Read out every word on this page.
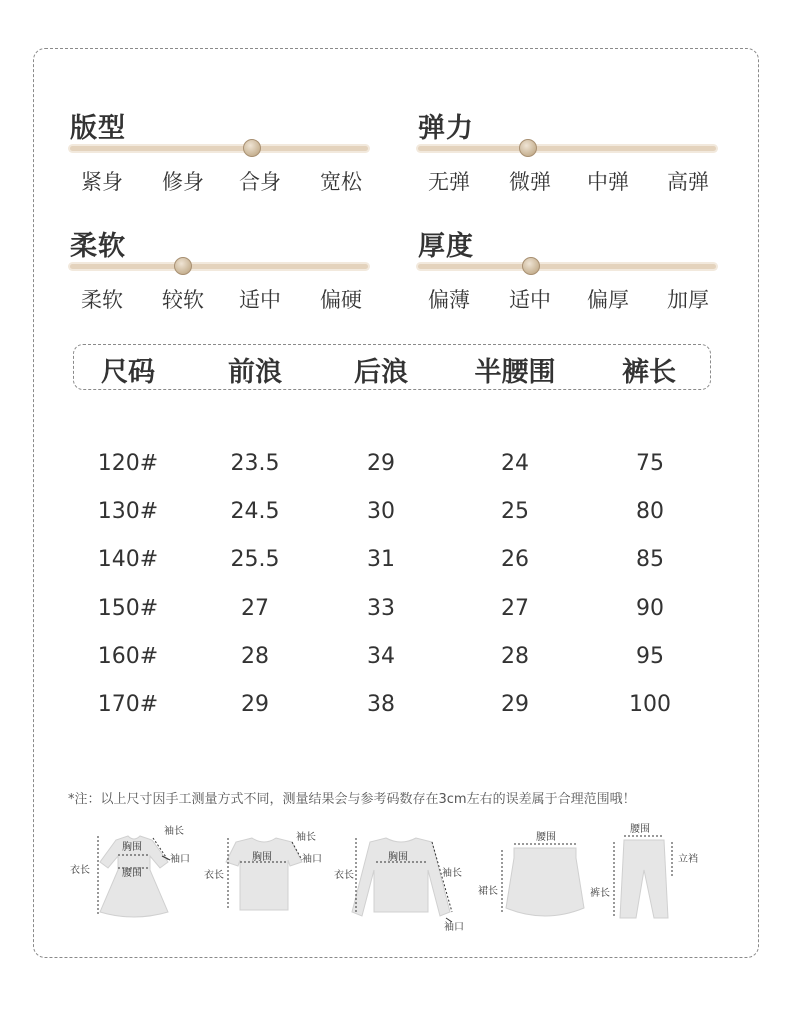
版型
紧身 修身 合身 宽松
弹力
无弹 微弹 中弹 高弹
柔软
柔软 较软 适中 偏硬
厚度
偏薄 适中 偏厚 加厚
尺码	前浪	后浪 半腰围 裤长
120#	23.5	29	24	75
130#	24.5	30	25	80
140#	25.5	31	26	85
150#	27	33	27	90
160#	28	34	28	95
170#	29	38	29	100
*注：以上尺寸因手工测量方式不同，测量结果会与参考码数存在3cm左右的误差属于合理范围哦！
袖长
胸围
袖口
衣长	腰围
袖长
胸围	袖口
衣长
胸围
袖长
衣长
袖口
腰围
裙长
腰围
立裆
裤长
